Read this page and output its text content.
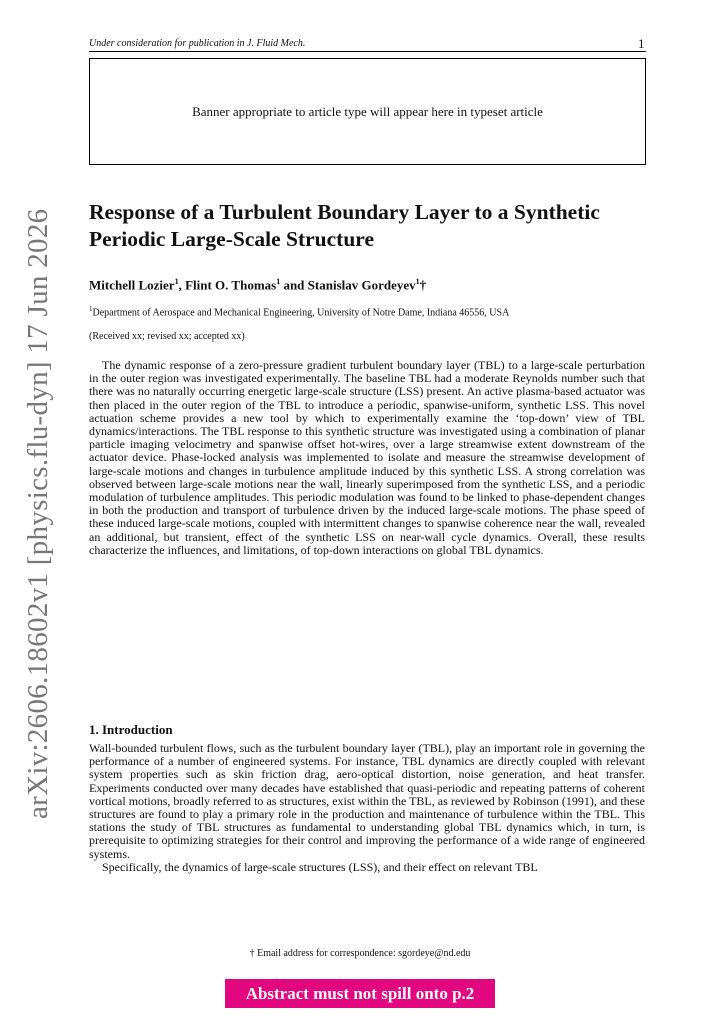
Under consideration for publication in J. Fluid Mech.	1
Banner appropriate to article type will appear here in typeset article
arXiv:2606.18602v1 [physics.flu-dyn] 17 Jun 2026	Response of a Turbulent Boundary Layer to a Synthetic Periodic Large-Scale Structure
Mitchell Lozier$^1$, Flint O. Thomas$^1$ and Stanislav Gordeyev$^1$†
$^1$Department of Aerospace and Mechanical Engineering, University of Notre Dame, Indiana 46556, USA
(Received xx; revised xx; accepted xx)
The dynamic response of a zero-pressure gradient turbulent boundary layer (TBL) to a large-scale perturbation in the outer region was investigated experimentally. The baseline TBL had a moderate Reynolds number such that there was no naturally occurring energetic large-scale structure (LSS) present. An active plasma-based actuator was then placed in the outer region of the TBL to introduce a periodic, spanwise-uniform, synthetic LSS. This novel actuation scheme provides a new tool by which to experimentally examine the ‘top-down’ view of TBL dynamics/interactions. The TBL response to this synthetic structure was investigated using a combination of planar particle imaging velocimetry and spanwise offset hot-wires, over a large streamwise extent downstream of the actuator device. Phase-locked analysis was implemented to isolate and measure the streamwise development of large-scale motions and changes in turbulence amplitude induced by this synthetic LSS. A strong correlation was observed between large-scale motions near the wall, linearly superimposed from the synthetic LSS, and a periodic modulation of turbulence amplitudes. This periodic modulation was found to be linked to phase-dependent changes in both the production and transport of turbulence driven by the induced large-scale motions. The phase speed of these induced large-scale motions, coupled with intermittent changes to spanwise coherence near the wall, revealed an additional, but transient, effect of the synthetic LSS on near-wall cycle dynamics. Overall, these results characterize the influences, and limitations, of top-down interactions on global TBL dynamics.
1. Introduction

Wall-bounded turbulent flows, such as the turbulent boundary layer (TBL), play an important role in governing the performance of a number of engineered systems. For instance, TBL dynamics are directly coupled with relevant system properties such as skin friction drag, aero-optical distortion, noise generation, and heat transfer. Experiments conducted over many decades have established that quasi-periodic and repeating patterns of coherent vortical motions, broadly referred to as structures, exist within the TBL, as reviewed by Robinson (1991), and these structures are found to play a primary role in the production and maintenance of turbulence within the TBL. This stations the study of TBL structures as fundamental to understanding global TBL dynamics which, in turn, is prerequisite to optimizing strategies for their control and improving the performance of a wide range of engineered systems.

Specifically, the dynamics of large-scale structures (LSS), and their effect on relevant TBL

† Email address for correspondence: sgordeye@nd.edu
Abstract must not spill onto p.2
